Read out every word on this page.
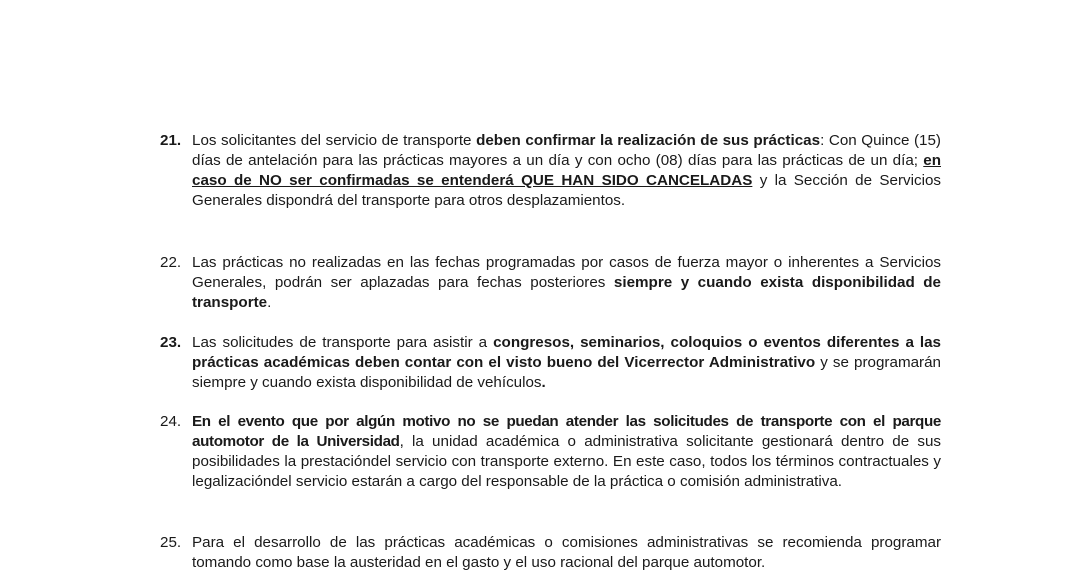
21. Los solicitantes del servicio de transporte deben confirmar la realización de sus prácticas: Con Quince (15) días de antelación para las prácticas mayores a un día y con ocho (08) días para las prácticas de un día; en caso de NO ser confirmadas se entenderá QUE HAN SIDO CANCELADAS y la Sección de Servicios Generales dispondrá del transporte para otros desplazamientos.
22. Las prácticas no realizadas en las fechas programadas por casos de fuerza mayor o inherentes a Servicios Generales, podrán ser aplazadas para fechas posteriores siempre y cuando exista disponibilidad de transporte.
23. Las solicitudes de transporte para asistir a congresos, seminarios, coloquios o eventos diferentes a las prácticas académicas deben contar con el visto bueno del Vicerrector Administrativo y se programarán siempre y cuando exista disponibilidad de vehículos.
24. En el evento que por algún motivo no se puedan atender las solicitudes de transporte con el parque automotor de la Universidad, la unidad académica o administrativa solicitante gestionará dentro de sus posibilidades la prestacióndel servicio con transporte externo. En este caso, todos los términos contractuales y legalizacióndel servicio estarán a cargo del responsable de la práctica o comisión administrativa.
25. Para el desarrollo de las prácticas académicas o comisiones administrativas se recomienda programar tomando como base la austeridad en el gasto y el uso racional del parque automotor.
